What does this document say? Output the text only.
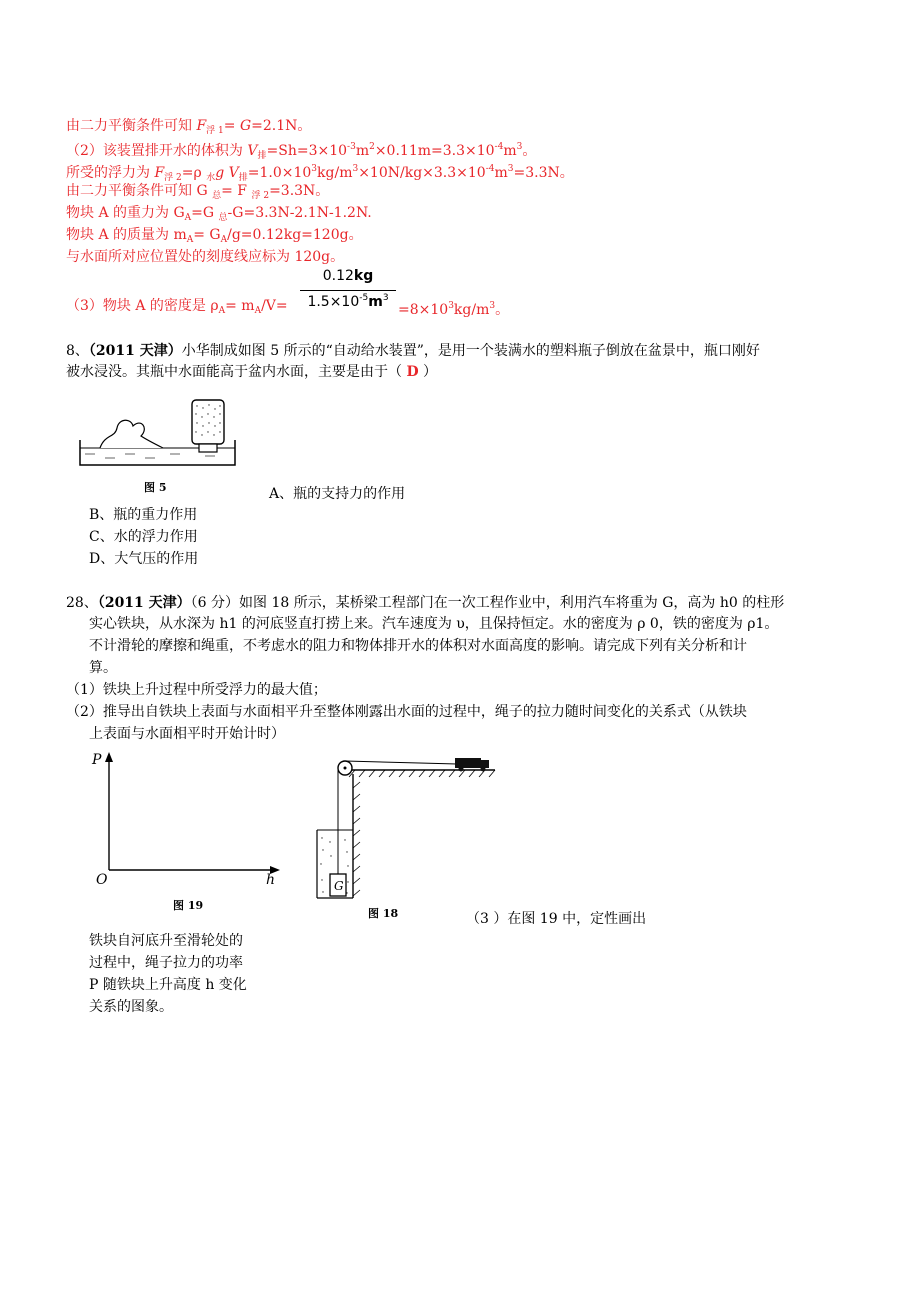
由二力平衡条件可知 $F_{浮 1}= G=2.1N$。
（2）该装置排开水的体积为 $V_排=Sh=3\times 10^{-3}m^2\times 0.11m=3.3\times 10^{-4}m^3$。
所受的浮力为 $F_{浮 2}=\rho$ $_水$g $V_排=1.0\times 10^3kg/m^3\times 10N/kg\times 3.3\times 10^{-4}m^3=3.3N$。
由二力平衡条件可知 G $_总$= F $_{浮 2}$=3.3N。
物块 A 的重力为 $G_A=G$ $_总$-G=3.3N-2.1N-1.2N.
物块 A 的质量为 $m_A= G_A/g=0.12kg=120g$。
与水面所对应位置处的刻度线应标为 120g。
（3）物块 A 的密度是 $\rho_A= m_A/V=$
0.12kg
$1.5\times 10^{-5}m^3$
$=8\times 10^3kg/m^3$。
8、（2011 天津）小华制成如图 5 所示的“自动给水装置”，是用一个装满水的塑料瓶子倒放在盆景中，瓶口刚好
被水浸没。其瓶中水面能高于盆内水面，主要是由于（ D ）
图 5	A、瓶的支持力的作用
B、瓶的重力作用
C、水的浮力作用
D、大气压的作用
28、（2011 天津）（6 分）如图 18 所示，某桥梁工程部门在一次工程作业中，利用汽车将重为 G，高为 h0 的柱形
实心铁块，从水深为 h1 的河底竖直打捞上来。汽车速度为 υ，且保持恒定。水的密度为 ρ 0，铁的密度为 ρ1。
不计滑轮的摩擦和绳重，不考虑水的阻力和物体排开水的体积对水面高度的影响。请完成下列有关分析和计
算。
（1）铁块上升过程中所受浮力的最大值；
（2）推导出自铁块上表面与水面相平升至整体刚露出水面的过程中，绳子的拉力随时间变化的关系式（从铁块
上表面与水面相平时开始计时）
P
O	h
图 19
G
图 18	（3 ）在图 19 中，定性画出
铁块自河底升至滑轮处的
过程中，绳子拉力的功率
P 随铁块上升高度 h 变化
关系的图象。
